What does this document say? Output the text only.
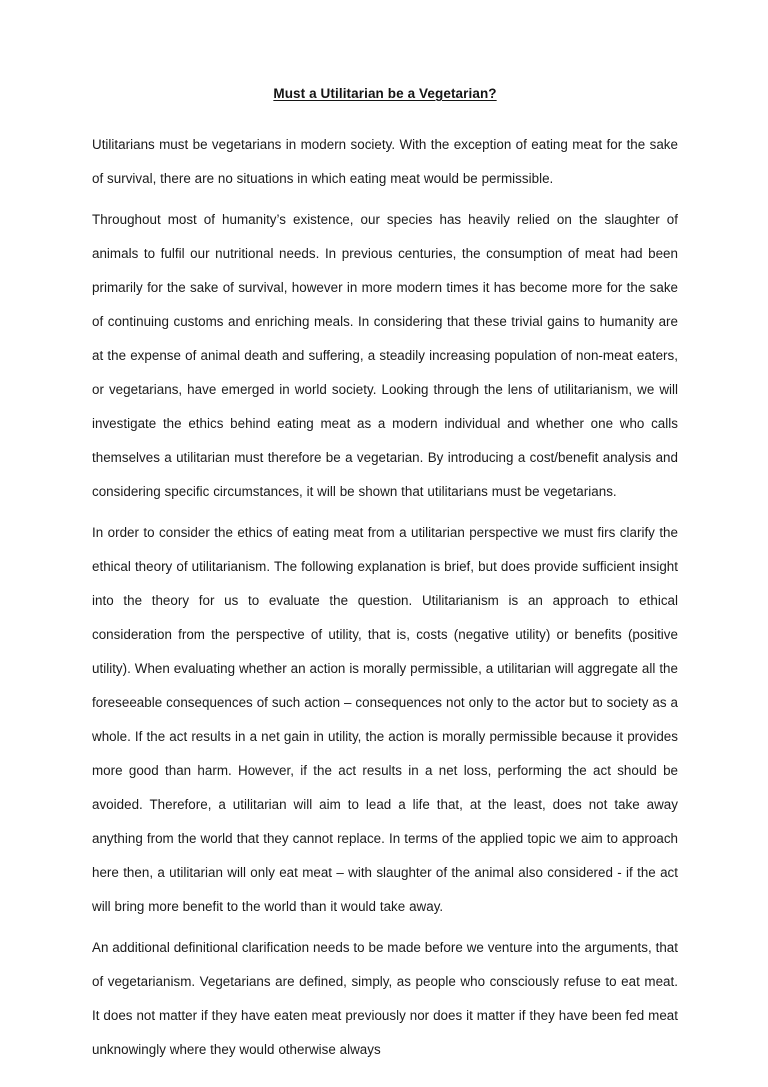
Must a Utilitarian be a Vegetarian?

Utilitarians must be vegetarians in modern society. With the exception of eating meat for the sake of survival, there are no situations in which eating meat would be permissible.

Throughout most of humanity’s existence, our species has heavily relied on the slaughter of animals to fulfil our nutritional needs. In previous centuries, the consumption of meat had been primarily for the sake of survival, however in more modern times it has become more for the sake of continuing customs and enriching meals. In considering that these trivial gains to humanity are at the expense of animal death and suffering, a steadily increasing population of non-meat eaters, or vegetarians, have emerged in world society. Looking through the lens of utilitarianism, we will investigate the ethics behind eating meat as a modern individual and whether one who calls themselves a utilitarian must therefore be a vegetarian. By introducing a cost/benefit analysis and considering specific circumstances, it will be shown that utilitarians must be vegetarians.

In order to consider the ethics of eating meat from a utilitarian perspective we must firs clarify the ethical theory of utilitarianism. The following explanation is brief, but does provide sufficient insight into the theory for us to evaluate the question. Utilitarianism is an approach to ethical consideration from the perspective of utility, that is, costs (negative utility) or benefits (positive utility). When evaluating whether an action is morally permissible, a utilitarian will aggregate all the foreseeable consequences of such action – consequences not only to the actor but to society as a whole. If the act results in a net gain in utility, the action is morally permissible because it provides more good than harm. However, if the act results in a net loss, performing the act should be avoided. Therefore, a utilitarian will aim to lead a life that, at the least, does not take away anything from the world that they cannot replace. In terms of the applied topic we aim to approach here then, a utilitarian will only eat meat – with slaughter of the animal also considered - if the act will bring more benefit to the world than it would take away.

An additional definitional clarification needs to be made before we venture into the arguments, that of vegetarianism. Vegetarians are defined, simply, as people who consciously refuse to eat meat. It does not matter if they have eaten meat previously nor does it matter if they have been fed meat unknowingly where they would otherwise always
